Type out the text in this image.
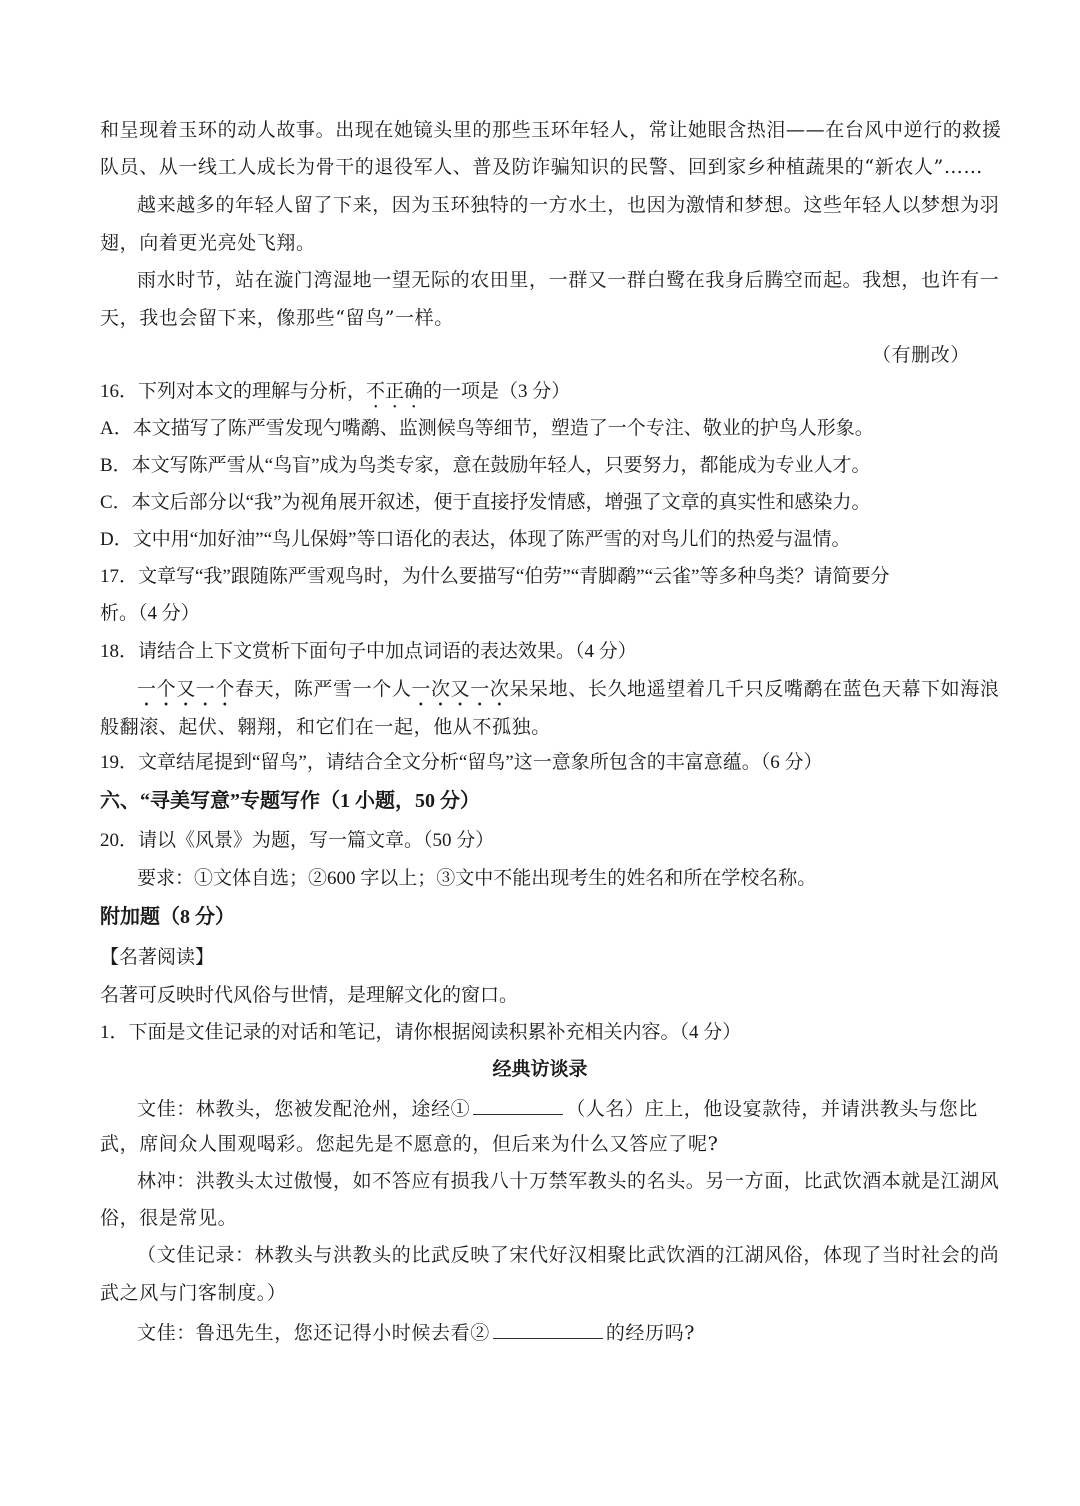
和呈现着玉环的动人故事。出现在她镜头里的那些玉环年轻人，常让她眼含热泪——在台风中逆行的救援
队员、从一线工人成长为骨干的退役军人、普及防诈骗知识的民警、回到家乡种植蔬果的“新农人”……
越来越多的年轻人留了下来，因为玉环独特的一方水土，也因为激情和梦想。这些年轻人以梦想为羽
翅，向着更光亮处飞翔。
雨水时节，站在漩门湾湿地一望无际的农田里，一群又一群白鹭在我身后腾空而起。我想，也许有一
天，我也会留下来，像那些“留鸟”一样。
（有删改）
16．下列对本文的理解与分析，不正确的一项是（3 分）
A．本文描写了陈严雪发现勺嘴鹬、监测候鸟等细节，塑造了一个专注、敬业的护鸟人形象。
B．本文写陈严雪从“鸟盲”成为鸟类专家，意在鼓励年轻人，只要努力，都能成为专业人才。
C．本文后部分以“我”为视角展开叙述，便于直接抒发情感，增强了文章的真实性和感染力。
D．文中用“加好油”“鸟儿保姆”等口语化的表达，体现了陈严雪的对鸟儿们的热爱与温情。
17．文章写“我”跟随陈严雪观鸟时，为什么要描写“伯劳”“青脚鹬”“云雀”等多种鸟类？请简要分
析。（4 分）
18．请结合上下文赏析下面句子中加点词语的表达效果。（4 分）
一个又一个春天，陈严雪一个人一次又一次呆呆地、长久地遥望着几千只反嘴鹬在蓝色天幕下如海浪
般翻滚、起伏、翱翔，和它们在一起，他从不孤独。
19．文章结尾提到“留鸟”，请结合全文分析“留鸟”这一意象所包含的丰富意蕴。（6 分）
六、“寻美写意”专题写作（1 小题，50 分）
20．请以《风景》为题，写一篇文章。（50 分）
要求：①文体自选；②600 字以上；③文中不能出现考生的姓名和所在学校名称。
附加题（8 分）
【名著阅读】
名著可反映时代风俗与世情，是理解文化的窗口。
1．下面是文佳记录的对话和笔记，请你根据阅读积累补充相关内容。（4 分）
经典访谈录
文佳：林教头，您被发配沧州，途经①	（人名）庄上，他设宴款待，并请洪教头与您比
武，席间众人围观喝彩。您起先是不愿意的，但后来为什么又答应了呢?
林冲：洪教头太过傲慢，如不答应有损我八十万禁军教头的名头。另一方面，比武饮酒本就是江湖风
俗，很是常见。
（文佳记录：林教头与洪教头的比武反映了宋代好汉相聚比武饮酒的江湖风俗，体现了当时社会的尚
武之风与门客制度。）
文佳：鲁迅先生，您还记得小时候去看②	的经历吗?
